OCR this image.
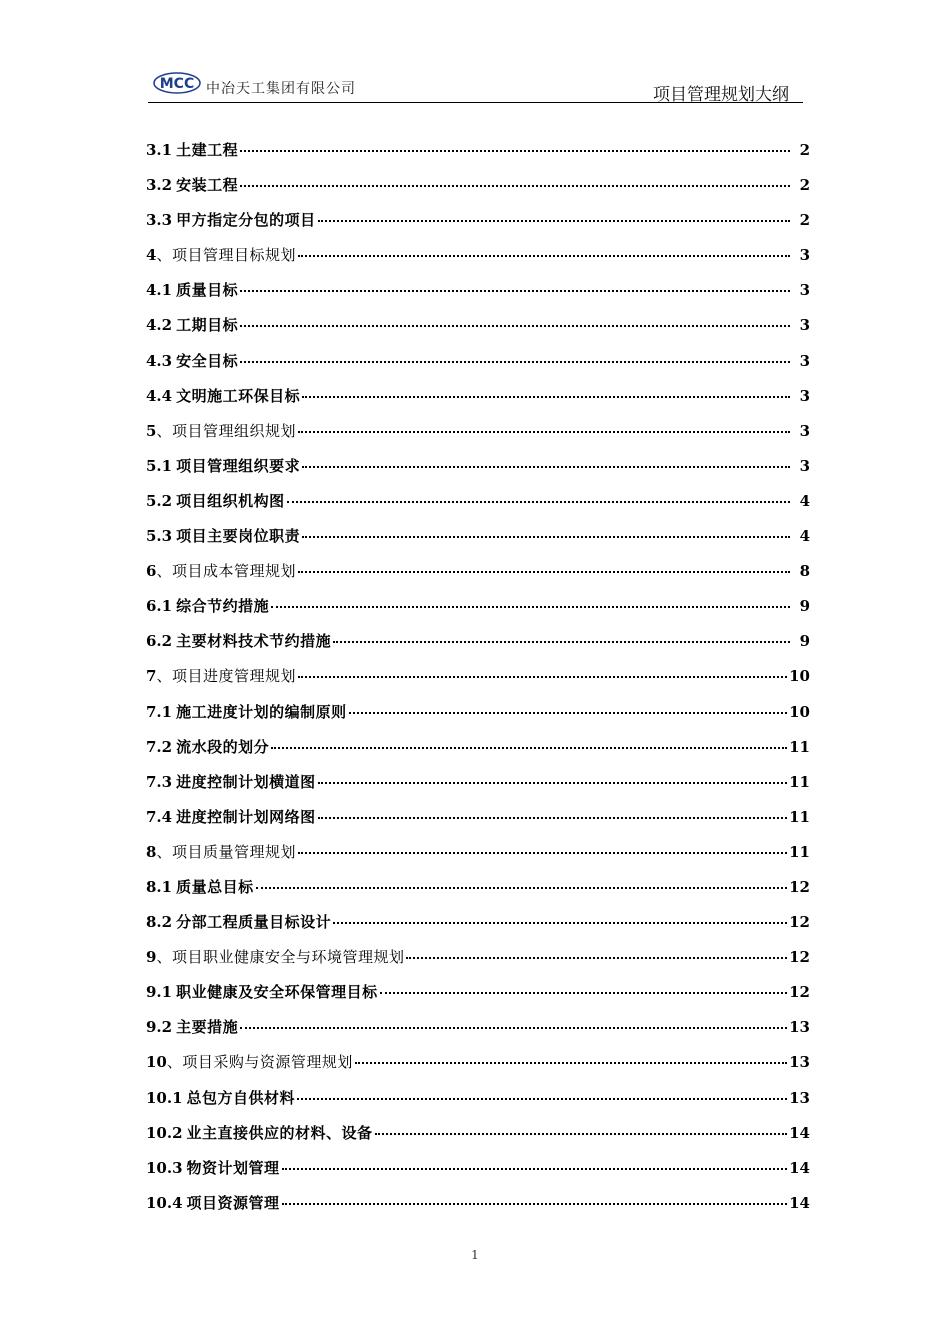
MCC 中冶天工集团有限公司	项目管理规划大纲
3.1 土建工程	2
3.2 安装工程	2
3.3 甲方指定分包的项目	2
4 、项目管理目标规划	3
4.1 质量目标	3
4.2 工期目标	3
4.3 安全目标	3
4.4 文明施工环保目标	3
5 、项目管理组织规划	3
5.1 项目管理组织要求	3
5.2 项目组织机构图	4
5.3 项目主要岗位职责	4
6 、项目成本管理规划	8
6.1 综合节约措施	9
6.2 主要材料技术节约措施	9
7 、项目进度管理规划	10
7.1 施工进度计划的编制原则	10
7.2 流水段的划分	11
7.3 进度控制计划横道图	11
7.4 进度控制计划网络图	11
8 、项目质量管理规划	11
8.1 质量总目标	12
8.2 分部工程质量目标设计	12
9 、项目职业健康安全与环境管理规划	12
9.1 职业健康及安全环保管理目标	12
9.2 主要措施	13
10 、项目采购与资源管理规划	13
10.1 总包方自供材料	13
10.2 业主直接供应的材料、设备	14
10.3 物资计划管理	14
10.4 项目资源管理	14
1
